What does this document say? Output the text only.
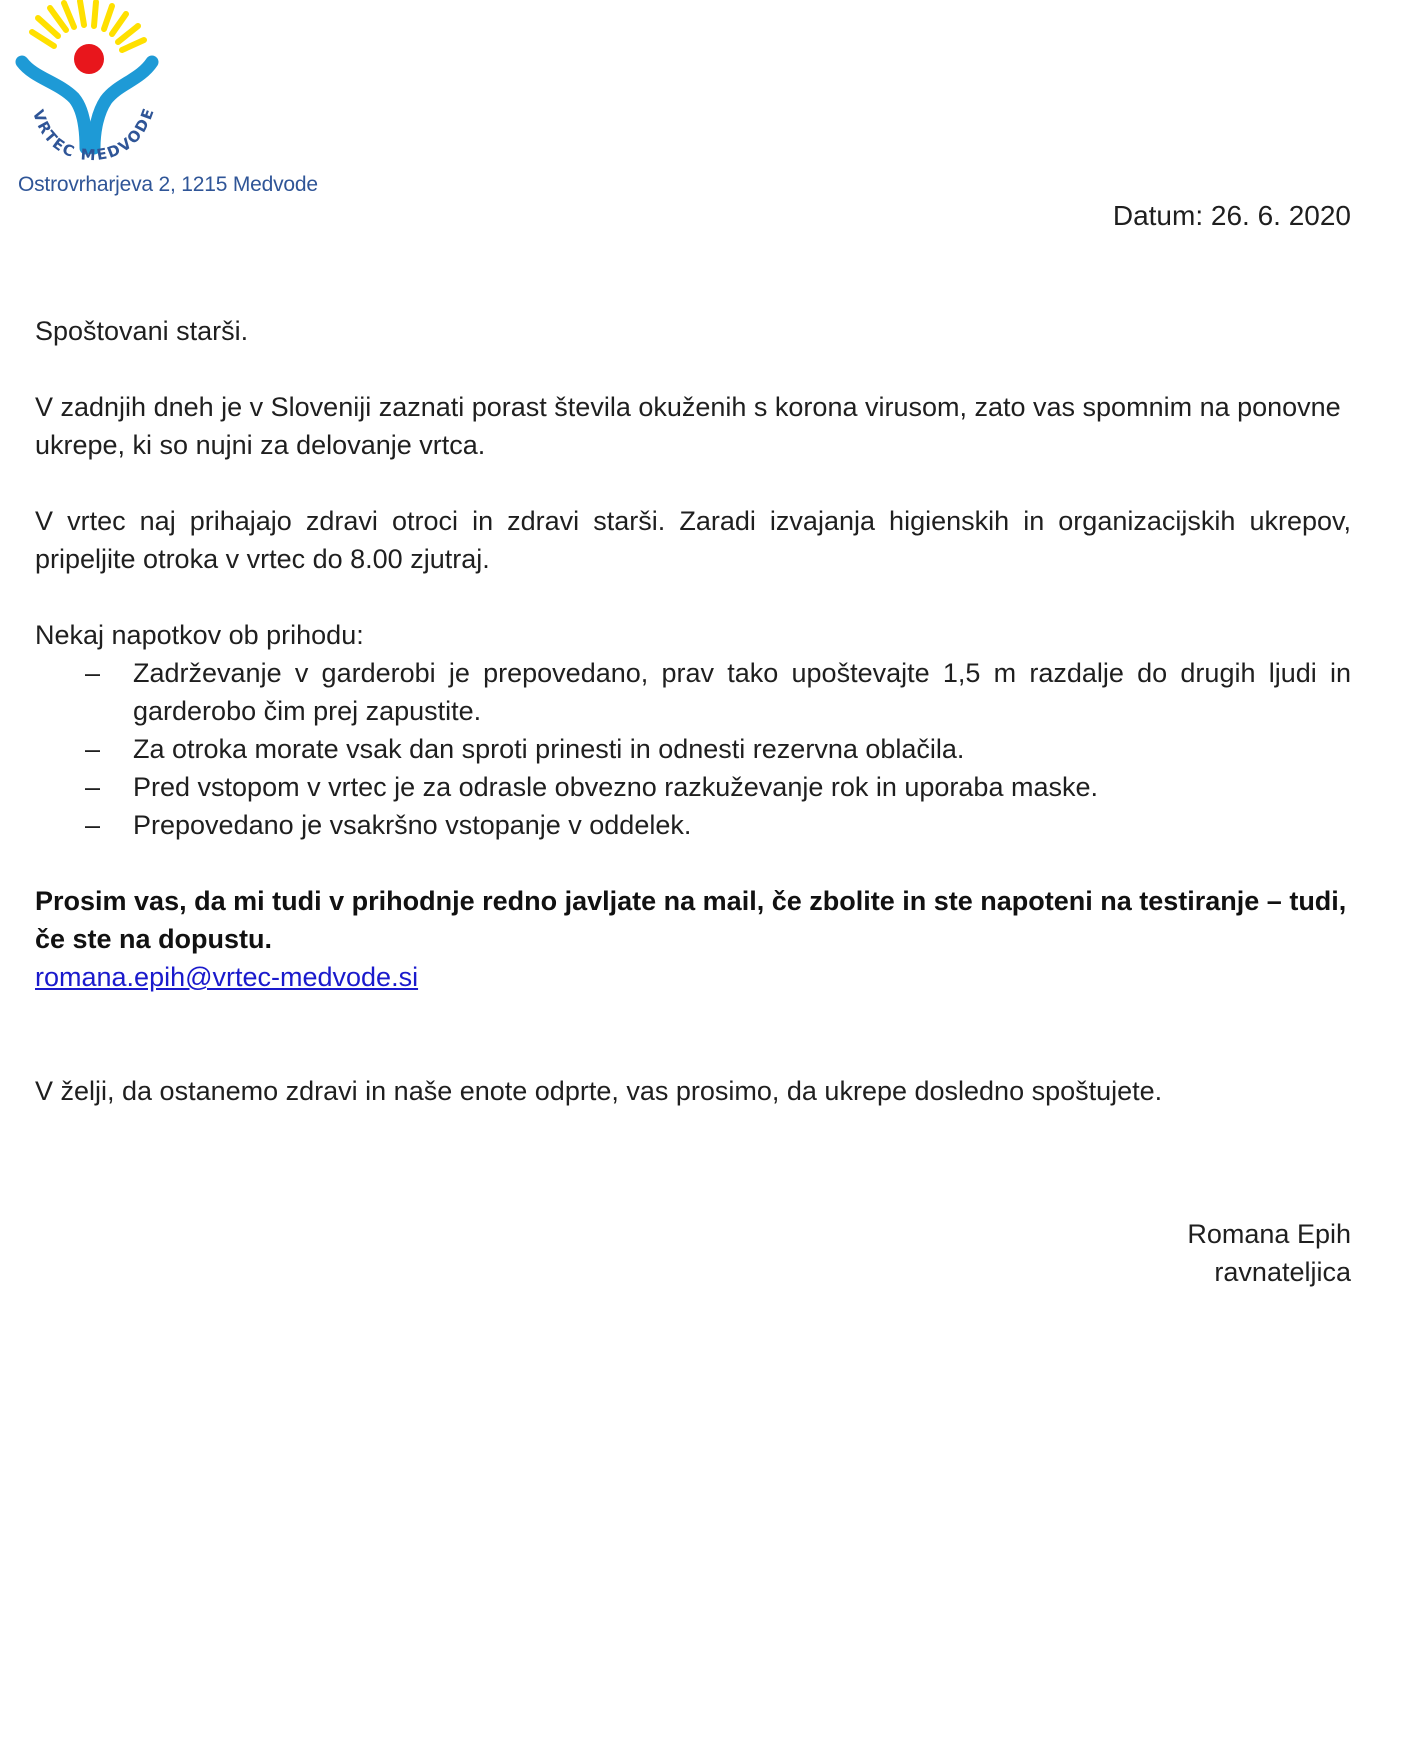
VRTEC MEDVODE
Ostrovrharjeva 2, 1215 Medvode
Datum: 26. 6. 2020

Spoštovani starši.

V zadnjih dneh je v Sloveniji zaznati porast števila okuženih s korona virusom, zato vas spomnim na ponovne ukrepe, ki so nujni za delovanje vrtca.

V vrtec naj prihajajo zdravi otroci in zdravi starši. Zaradi izvajanja higienskih in organizacijskih ukrepov, pripeljite otroka v vrtec do 8.00 zjutraj.

Nekaj napotkov ob prihodu:

– Zadrževanje v garderobi je prepovedano, prav tako upoštevajte 1,5 m razdalje do drugih ljudi in garderobo čim prej zapustite.
– Za otroka morate vsak dan sproti prinesti in odnesti rezervna oblačila.
– Pred vstopom v vrtec je za odrasle obvezno razkuževanje rok in uporaba maske.
– Prepovedano je vsakršno vstopanje v oddelek.

Prosim vas, da mi tudi v prihodnje redno javljate na mail, če zbolite in ste napoteni na testiranje – tudi, če ste na dopustu.

romana.epih@vrtec-medvode.si

V želji, da ostanemo zdravi in naše enote odprte, vas prosimo, da ukrepe dosledno spoštujete.

Romana Epih
ravnateljica
